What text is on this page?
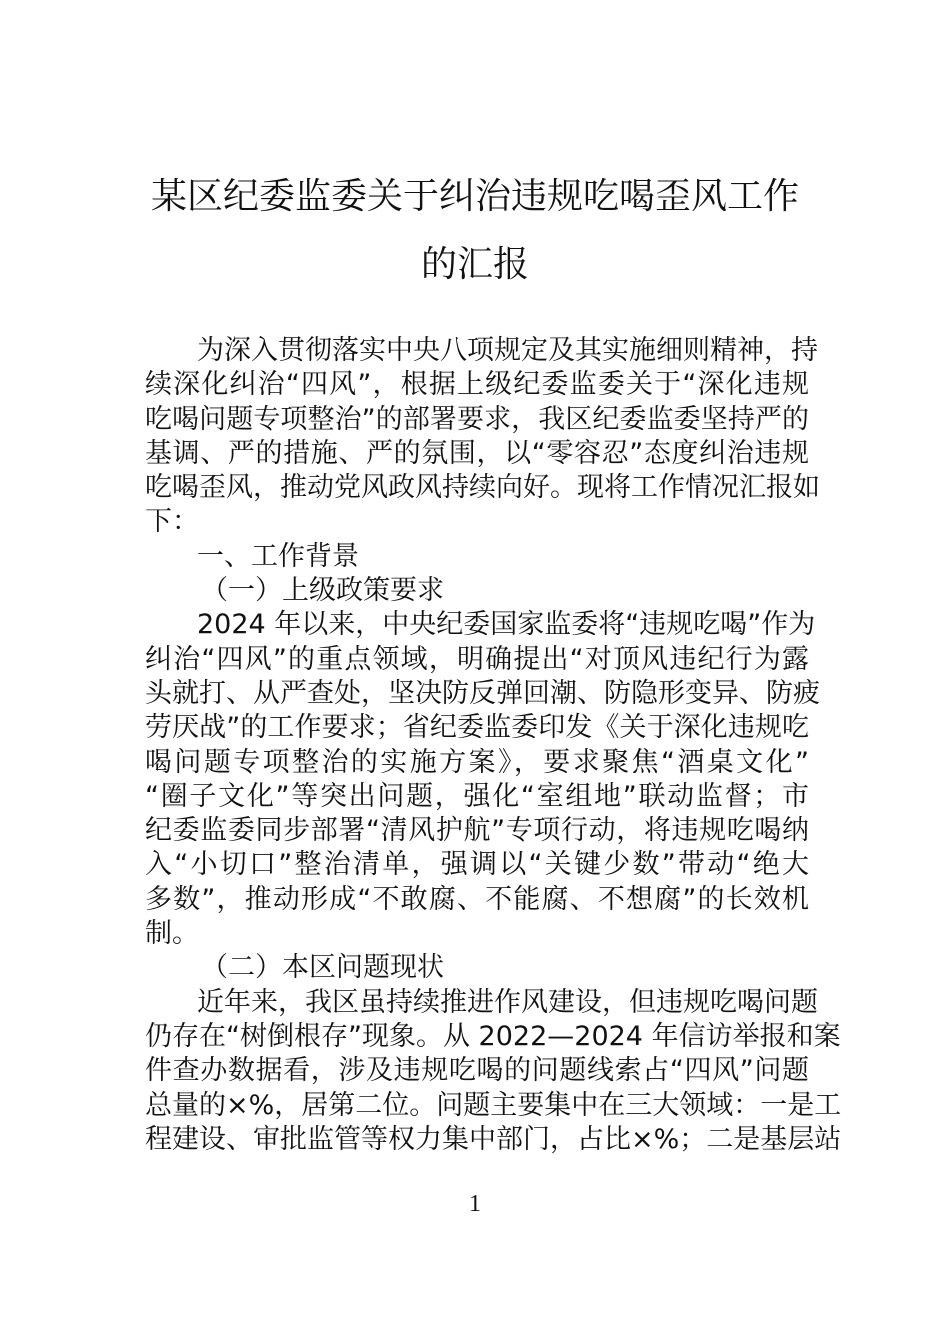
某区纪委监委关于纠治违规吃喝歪风工作
的汇报
为深入贯彻落实中央八项规定及其实施细则精神，持
续深化纠治“四风”，根据上级纪委监委关于“深化违规
吃喝问题专项整治”的部署要求，我区纪委监委坚持严的
基调、严的措施、严的氛围，以“零容忍”态度纠治违规
吃喝歪风，推动党风政风持续向好。现将工作情况汇报如
下：
一、工作背景
（一）上级政策要求
2024 年以来，中央纪委国家监委将“违规吃喝”作为
纠治“四风”的重点领域，明确提出“对顶风违纪行为露
头就打、从严查处，坚决防反弹回潮、防隐形变异、防疲
劳厌战”的工作要求；省纪委监委印发《关于深化违规吃
喝问题专项整治的实施方案》，要求聚焦“酒桌文化”
“圈子文化”等突出问题，强化“室组地”联动监督；市
纪委监委同步部署“清风护航”专项行动，将违规吃喝纳
入“小切口”整治清单，强调以“关键少数”带动“绝大
多数”，推动形成“不敢腐、不能腐、不想腐”的长效机
制。
（二）本区问题现状
近年来，我区虽持续推进作风建设，但违规吃喝问题
仍存在“树倒根存”现象。从 2022—2024 年信访举报和案
件查办数据看，涉及违规吃喝的问题线索占“四风”问题
总量的×%，居第二位。问题主要集中在三大领域：一是工
程建设、审批监管等权力集中部门，占比×%；二是基层站
1
